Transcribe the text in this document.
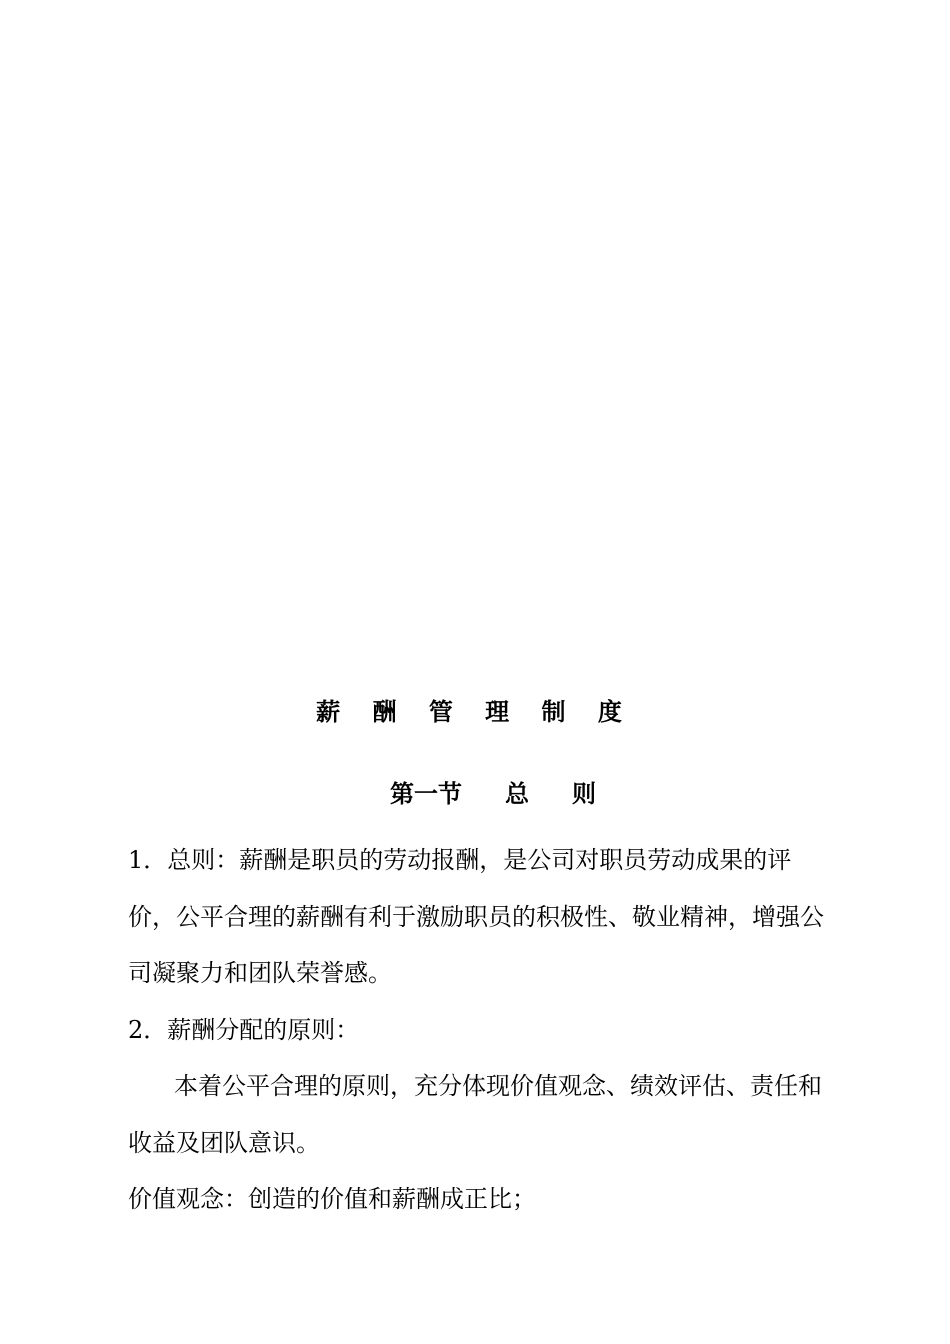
薪 酬 管 理 制 度
第一节 总 则

1．总则：薪酬是职员的劳动报酬，是公司对职员劳动成果的评价，公平合理的薪酬有利于激励职员的积极性、敬业精神，增强公司凝聚力和团队荣誉感。

2．薪酬分配的原则：

本着公平合理的原则，充分体现价值观念、绩效评估、责任和收益及团队意识。

价值观念：创造的价值和薪酬成正比；
